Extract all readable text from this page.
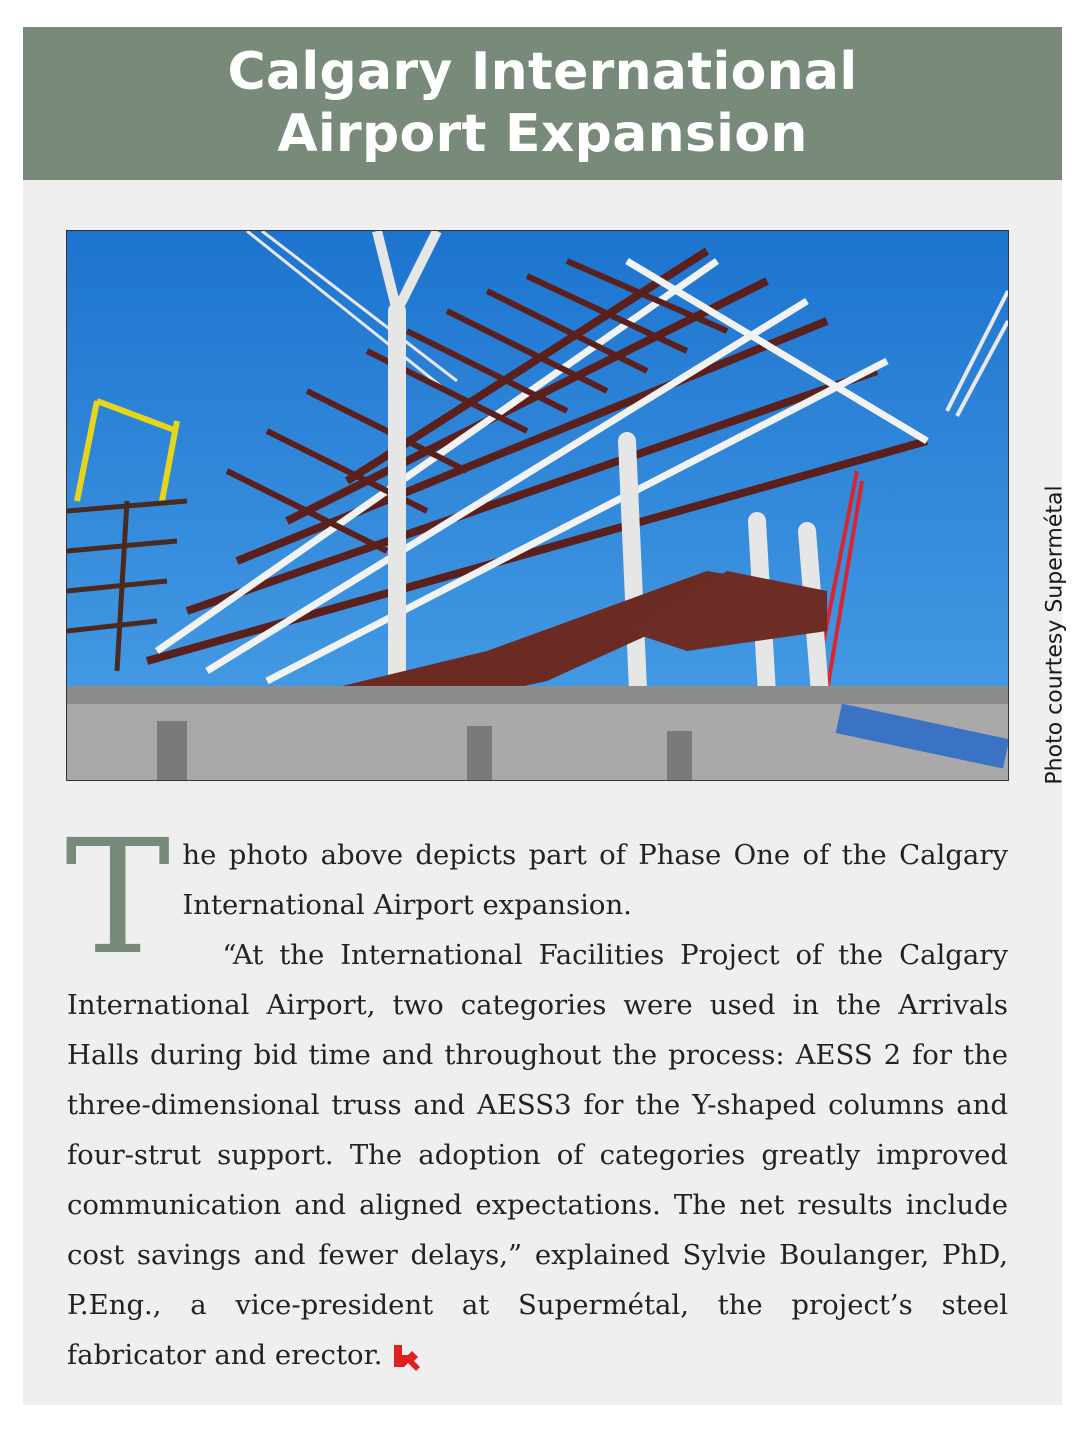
Calgary International
Airport Expansion
Photo courtesy Supermétal

The photo above depicts part of Phase One of the Calgary International Airport expansion.

“At the International Facilities Project of the Calgary International Airport, two categories were used in the Arrivals Halls during bid time and throughout the process: AESS 2 for the three-dimensional truss and AESS3 for the Y-shaped columns and four-strut support. The adoption of categories greatly improved communication and aligned expectations. The net results include cost savings and fewer delays,” explained Sylvie Boulanger, PhD, P.Eng., a vice-president at Supermétal, the project’s steel fabricator and erector.
